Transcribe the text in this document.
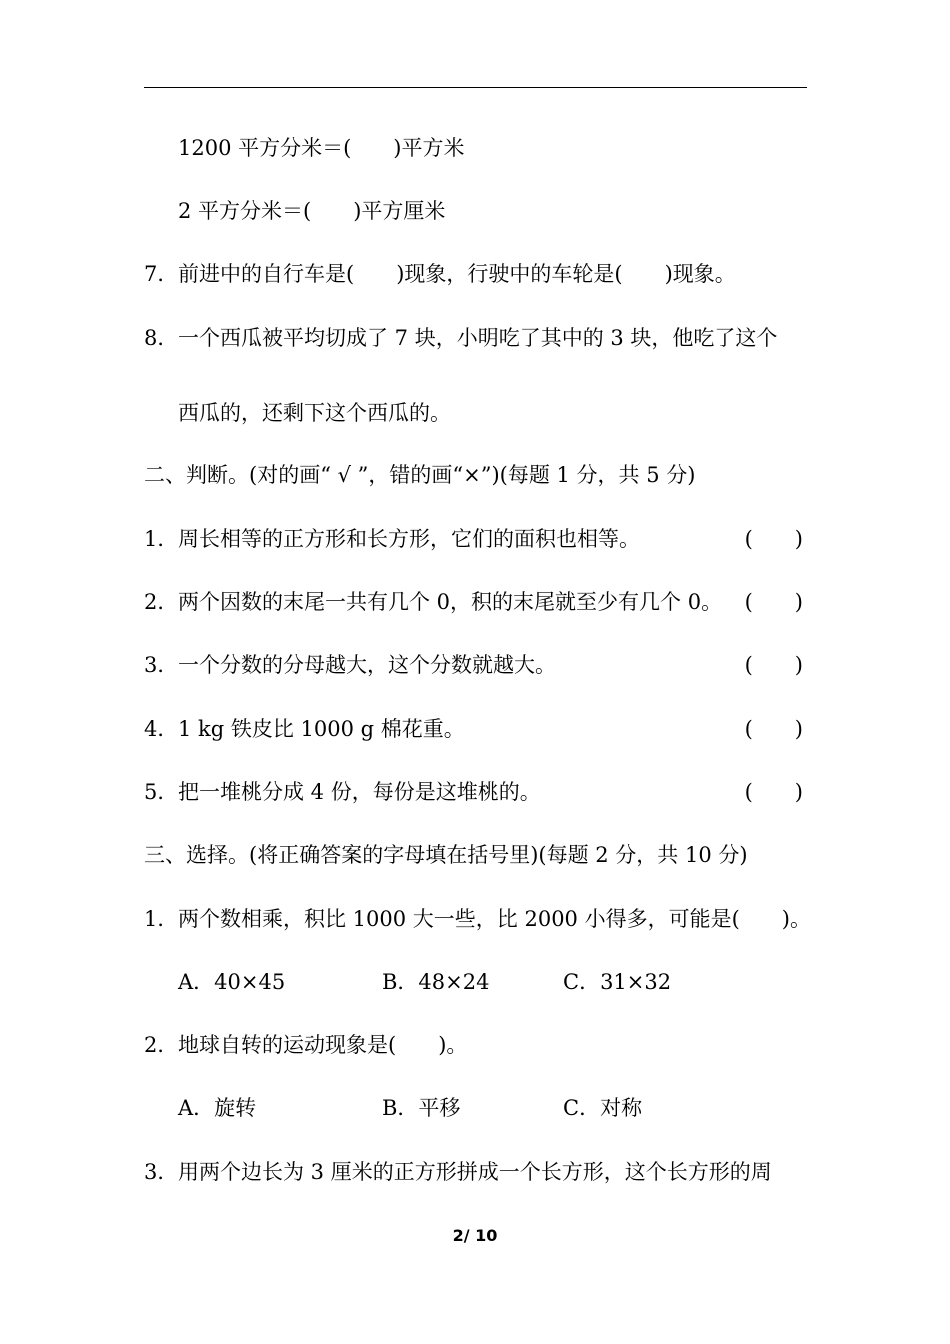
1200 平方分米＝(　　)平方米
2 平方分米＝(　　)平方厘米
7．前进中的自行车是(　　)现象，行驶中的车轮是(　　)现象。
8．一个西瓜被平均切成了 7 块，小明吃了其中的 3 块，他吃了这个
西瓜的，还剩下这个西瓜的。
二、判断。(对的画“ √ ”，错的画“×”)(每题 1 分，共 5 分)
1．周长相等的正方形和长方形，它们的面积也相等。	(　　)
2．两个因数的末尾一共有几个 0，积的末尾就至少有几个 0。 (　　)
3．一个分数的分母越大，这个分数就越大。	(　　)
4．1 kg 铁皮比 1000 g 棉花重。	(　　)
5．把一堆桃分成 4 份，每份是这堆桃的。	(　　)
三、选择。(将正确答案的字母填在括号里)(每题 2 分，共 10 分)
1．两个数相乘，积比 1000 大一些，比 2000 小得多，可能是(　　)。
A．40×45	B．48×24	C．31×32
2．地球自转的运动现象是(　　)。
A．旋转	B．平移	C．对称
3．用两个边长为 3 厘米的正方形拼成一个长方形，这个长方形的周
2/ 10
